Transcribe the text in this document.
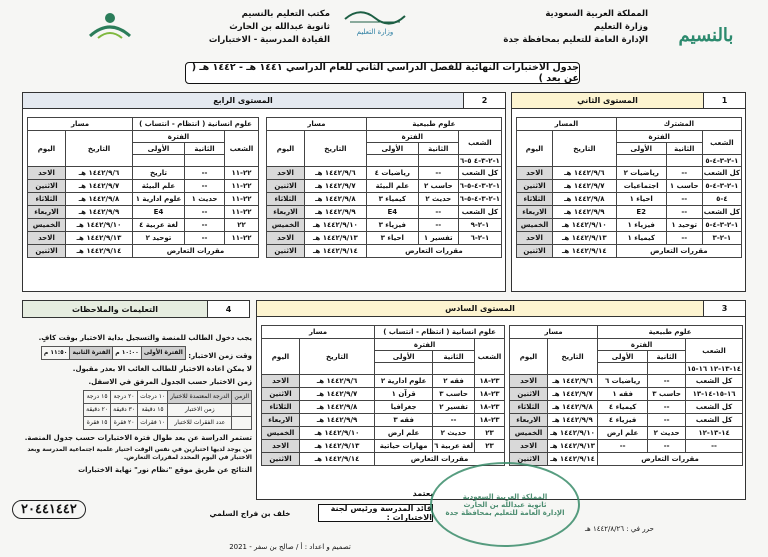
بالنسيم
المملكة العربية السعودية
وزارة التعليم
الإدارة العامة للتعليم بمحافظة جدة
وزارة التعليم
مكتب التعليم بالنسيم
ثانوية عبدالله بن الحارث
القيادة المدرسية - الاختبارات
جدول الاختبارات النهائية للفصل الدراسي الثاني للعام الدراسي ١٤٤١ هـ - ١٤٤٢ هـ ( عن بعد )
1
المستوى الثاني
المشترك			المسار	
الشعب	الفترة		التاريخ	اليوم
	الثانية	الأولى		
١-٢-٣-٤-٥				
كل الشعب	--	رياضيات ٢	١٤٤٢/٩/٦ هـ	الاحد
١-٢-٣-٤-٥	حاسب ١	اجتماعيات	١٤٤٢/٩/٧ هـ	الاثنين
٤-٥	--	احياء ١	١٤٤٢/٩/٨ هـ	الثلاثاء
كل الشعب	--	E2	١٤٤٢/٩/٩ هـ	الاربعاء
١-٢-٣-٤-٥	توحيد ١	فيزياء ١	١٤٤٢/٩/١٠ هـ	الخميس
١-٢-٣	--	كيمياء ١	١٤٤٢/٩/١٣ هـ	الاحد
مقررات التعارض			١٤٤٢/٩/١٤ هـ	الاثنين
2
المستوى الرابع
علوم طبيعية			مسار	
الشعب	الفترة		التاريخ	اليوم
	الثانية	الأولى		
١-٢-٣-٤ ٥-٦				
كل الشعب	--	رياضيات ٤	١٤٤٢/٩/٦ هـ	الاحد
١-٢-٣-٤-٥-٦	حاسب ٢	علم البيئة	١٤٤٢/٩/٧ هـ	الاثنين
١-٢-٣-٤-٥-٦	حديث ٢	كيمياء ٣	١٤٤٢/٩/٨ هـ	الثلاثاء
كل الشعب	--	E4	١٤٤٢/٩/٩ هـ	الاربعاء
١-٢-٩	--	فيزياء ٣	١٤٤٢/٩/١٠ هـ	الخميس
١-٢-٦	تفسير ١	احياء ٣	١٤٤٢/٩/١٣ هـ	الاحد
مقررات التعارض			١٤٤٢/٩/١٤ هـ	الاثنين
علوم انسانية ( انتظام - انتساب )			مسار	
الشعب	الفترة		التاريخ	اليوم
	الثانية	الأولى		

٢٢-١١	--	تاريخ	١٤٤٢/٩/٦ هـ	الاحد
٢٢-١١	--	علم البيئة	١٤٤٢/٩/٧ هـ	الاثنين
٢٢-١١	حديث ١	علوم ادارية ١	١٤٤٢/٩/٨ هـ	الثلاثاء
٢٢-١١	--	E4	١٤٤٢/٩/٩ هـ	الاربعاء
٢٢	--	لغة عربية ٤	١٤٤٢/٩/١٠ هـ	الخميس
٢٢-١١	--	توحيد ٢	١٤٤٢/٩/١٣ هـ	الاحد
مقررات التعارض			١٤٤٢/٩/١٤ هـ	الاثنين
4
التعليمات والملاحظات	3
المستوى السادس
علوم طبيعية			مسار	
الشعب	الفترة		التاريخ	اليوم
	الثانية	الأولى		
١٤-١٣-١٢ ١٦-١٥				
كل الشعب	--	رياضيات ٦	١٤٤٢/٩/٦ هـ	الاحد
١٦-١٥-١٤-١٣	حاسب ٣	فقه ١	١٤٤٢/٩/٧ هـ	الاثنين
كل الشعب	--	كيمياء ٤	١٤٤٢/٩/٨ هـ	الثلاثاء
كل الشعب	--	فيزياء ٤	١٤٤٢/٩/٩ هـ	الاربعاء
١٤-١٣-١٢	حديث ٢	علم ارض	١٤٤٢/٩/١٠ هـ	الخميس
--	--	--	١٤٤٢/٩/١٣ هـ	الاحد
مقررات التعارض			١٤٤٢/٩/١٤ هـ	الاثنين
علوم انسانية ( انتظام - انتساب )			مسار	
الشعب	الفترة		التاريخ	اليوم
	الثانية	الأولى		

٢٣-١٨	فقه ٢	علوم ادارية ٢	١٤٤٢/٩/٦ هـ	الاحد
٢٣-١٨	حاسب ٣	قرآن ١	١٤٤٢/٩/٧ هـ	الاثنين
٢٣-١٨	تفسير ٢	جغرافيا	١٤٤٢/٩/٨ هـ	الثلاثاء
٢٣-١٨	--	فقه ٣	١٤٤٢/٩/٩ هـ	الاربعاء
٢٣	حديث ٢	علم ارض	١٤٤٢/٩/١٠ هـ	الخميس
٢٣	لغة عربية ٦	مهارات حياتية	١٤٤٢/٩/١٣ هـ	الاحد
مقررات التعارض			١٤٤٢/٩/١٤ هـ	الاثنين
يجب دخول الطالب للمنصة والتسجيل بداية الاختبار بوقت كافٍ.
وقت زمن الاختبار: الفترة الأولى	١٠:٠٠ م	الفترة الثانية	١١:٥٠ م
لا يمكن اعادة الاختبار للطالب الغائب الا بعذر مقبول.
زمن الاختبار حسب الجدول المرفق في الاسفل.
الزمن	الدرجة المعتمدة للاختبار	١٠ درجات	٢٠ درجة	١٥ درجة
	زمن الاختبار	١٥ دقيقة	٣٠ دقيقة	٢٠ دقيقة
	عدد الفقرات للاختبار	١٠ فقرات	٢٠ فقرة	١٥ فقرة
تستمر الدراسة عن بعد طوال فترة الاختبارات حسب جدول المنصة.
من يوجد لديها اختبارين في نفس الوقت اختيار علمية اجتماعية المدرسة وبعد الاختبار في اليوم المحدد لمقررات التعارض.
النتائج عن طريق موقع "نظام نور" نهاية الاختبارات
قائد المدرسة ورئيس لجنة الاختبارات :
يعتمد
خلف بن فراج السلمي
٢٠٤٤١٤٤٢
تصميم و اعداد : أ / صالح بن سفر - 2021
حرر في : ١٤٤٢/٨/٢٦ هـ
المملكة العربية السعودية
ثانوية عبدالله بن الحارث
الإدارة العامة للتعليم بمحافظة جدة
